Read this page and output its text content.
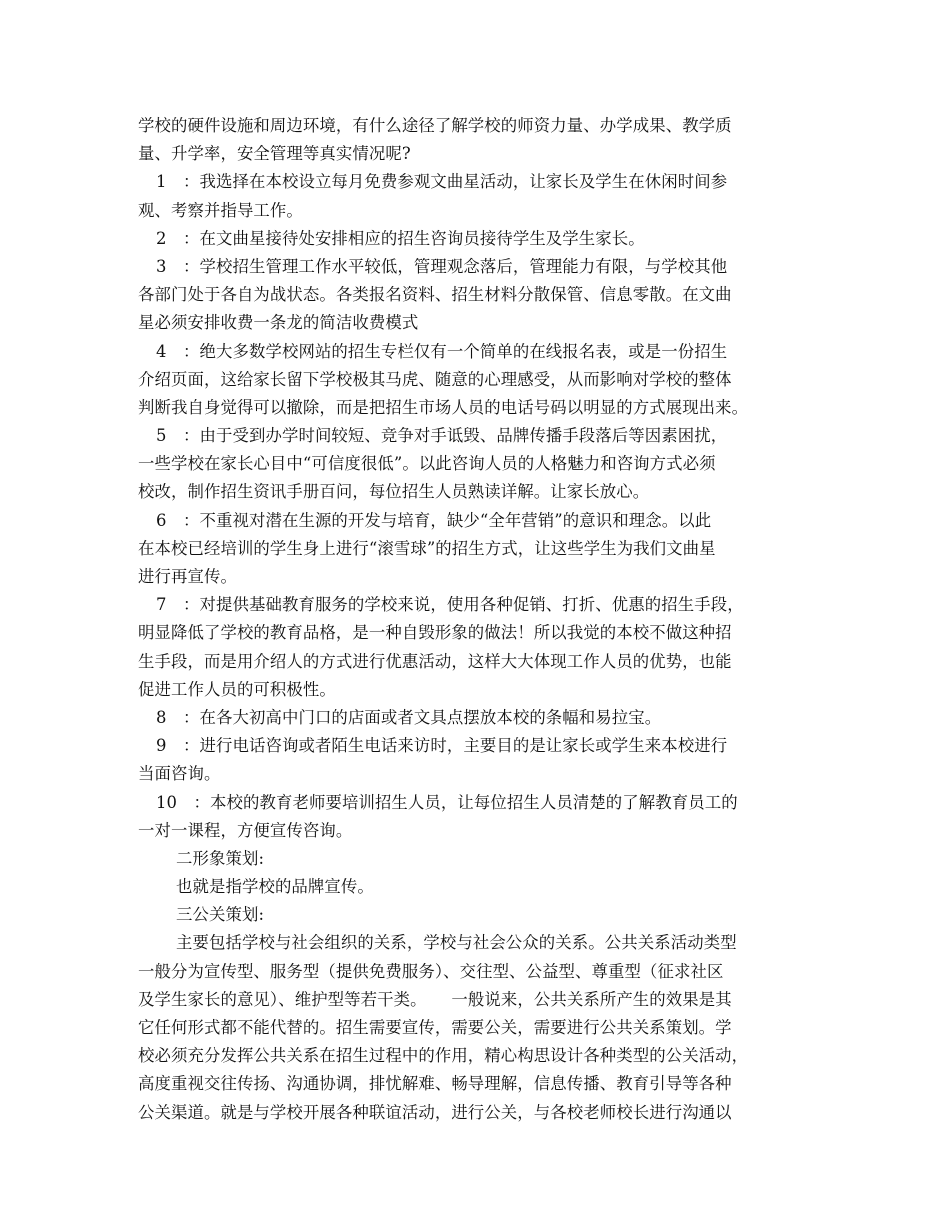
学校的硬件设施和周边环境，有什么途径了解学校的师资力量、办学成果、教学质
量、升学率，安全管理等真实情况呢?
1　：我选择在本校设立每月免费参观文曲星活动，让家长及学生在休闲时间参
观、考察并指导工作。
2　：在文曲星接待处安排相应的招生咨询员接待学生及学生家长。
3　：学校招生管理工作水平较低，管理观念落后，管理能力有限，与学校其他
各部门处于各自为战状态。各类报名资料、招生材料分散保管、信息零散。在文曲
星必须安排收费一条龙的简洁收费模式
4　：绝大多数学校网站的招生专栏仅有一个简单的在线报名表，或是一份招生
介绍页面，这给家长留下学校极其马虎、随意的心理感受，从而影响对学校的整体
判断我自身觉得可以撤除，而是把招生市场人员的电话号码以明显的方式展现出来。
5　：由于受到办学时间较短、竞争对手诋毁、品牌传播手段落后等因素困扰，
一些学校在家长心目中“可信度很低”。以此咨询人员的人格魅力和咨询方式必须
校改，制作招生资讯手册百问，每位招生人员熟读详解。让家长放心。
6　：不重视对潜在生源的开发与培育，缺少“全年营销”的意识和理念。以此
在本校已经培训的学生身上进行“滚雪球”的招生方式，让这些学生为我们文曲星
进行再宣传。
7　：对提供基础教育服务的学校来说，使用各种促销、打折、优惠的招生手段，
明显降低了学校的教育品格，是一种自毁形象的做法！所以我觉的本校不做这种招
生手段，而是用介绍人的方式进行优惠活动，这样大大体现工作人员的优势，也能
促进工作人员的可积极性。
8　：在各大初高中门口的店面或者文具点摆放本校的条幅和易拉宝。
9　：进行电话咨询或者陌生电话来访时，主要目的是让家长或学生来本校进行
当面咨询。
10　：本校的教育老师要培训招生人员，让每位招生人员清楚的了解教育员工的
一对一课程，方便宣传咨询。
二形象策划:
也就是指学校的品牌宣传。
三公关策划:
主要包括学校与社会组织的关系，学校与社会公众的关系。公共关系活动类型
一般分为宣传型、服务型（提供免费服务）、交往型、公益型、尊重型（征求社区
及学生家长的意见）、维护型等若干类。　　一般说来，公共关系所产生的效果是其
它任何形式都不能代替的。招生需要宣传，需要公关，需要进行公共关系策划。学
校必须充分发挥公共关系在招生过程中的作用，精心构思设计各种类型的公关活动，
高度重视交往传扬、沟通协调，排忧解难、畅导理解，信息传播、教育引导等各种
公关渠道。就是与学校开展各种联谊活动，进行公关，与各校老师校长进行沟通以
